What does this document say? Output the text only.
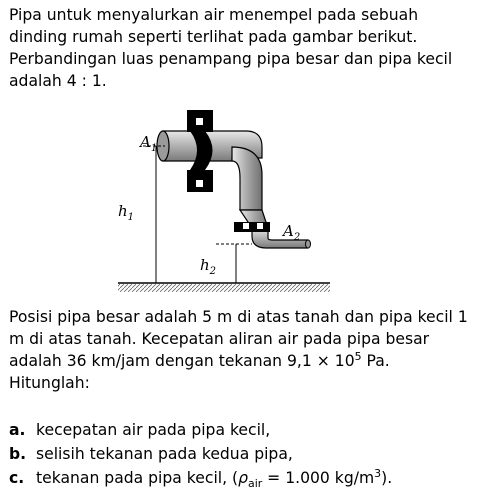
Pipa untuk menyalurkan air menempel pada sebuah dinding rumah seperti terlihat pada gambar berikut. Perbandingan luas penampang pipa besar dan pipa kecil adalah 4 : 1.

$A_1$
$h_1$
$A_2$
$h_2$

Posisi pipa besar adalah 5 m di atas tanah dan pipa kecil 1 m di atas tanah. Kecepatan aliran air pada pipa besar adalah 36 km/jam dengan tekanan $9,1 \times 10^5$ Pa.
Hitunglah:

a. kecepatan air pada pipa kecil,
b. selisih tekanan pada kedua pipa,
c. tekanan pada pipa kecil, ($\rho_{air} = 1.000$ $kg/m^3$).
